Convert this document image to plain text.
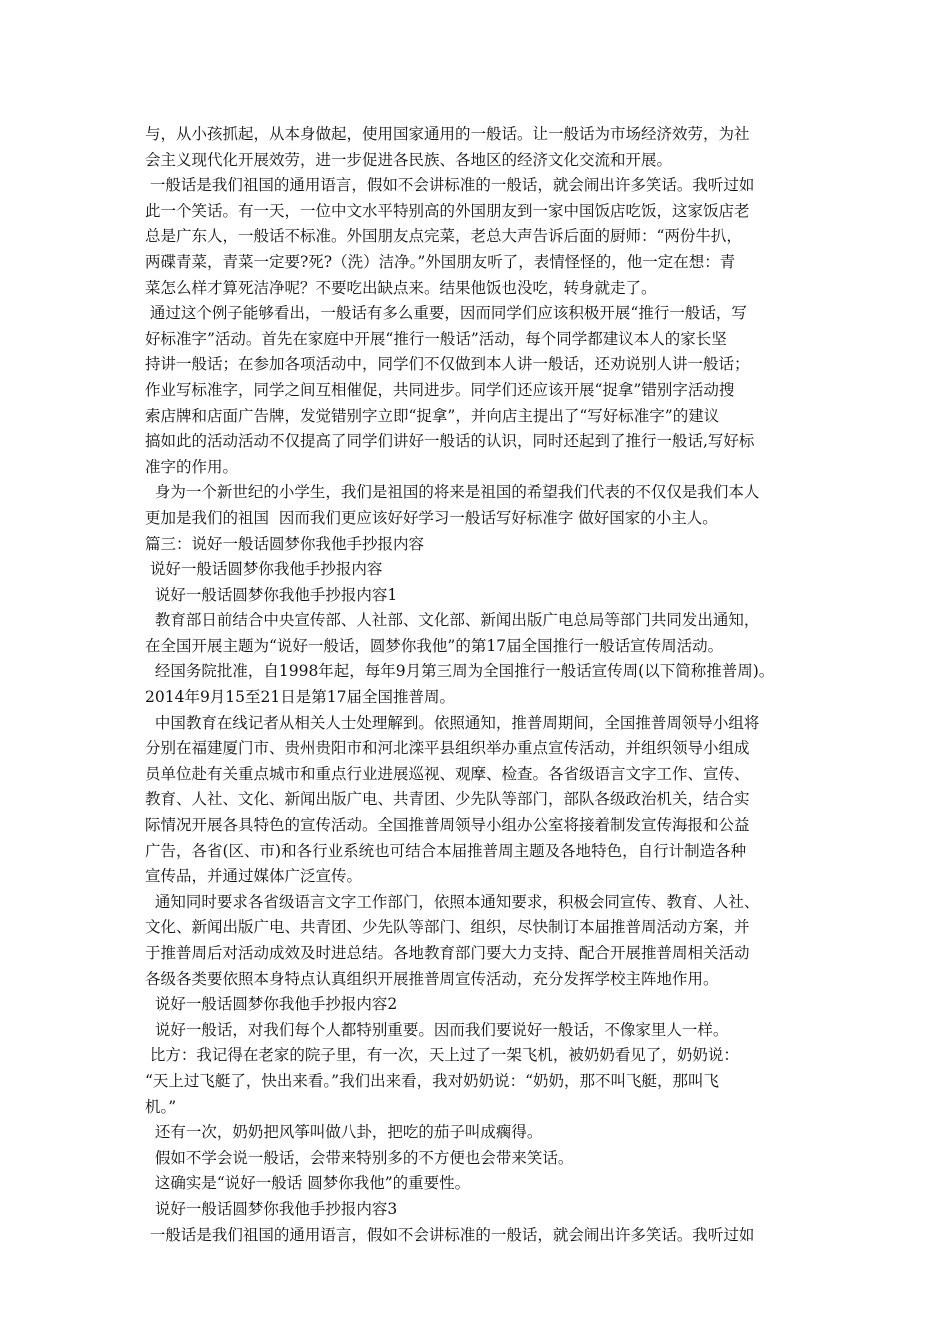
与，从小孩抓起，从本身做起，使用国家通用的一般话。让一般话为市场经济效劳，为社
会主义现代化开展效劳，进一步促进各民族、各地区的经济文化交流和开展。
一般话是我们祖国的通用语言，假如不会讲标准的一般话，就会闹出许多笑话。我听过如
此一个笑话。有一天，一位中文水平特别高的外国朋友到一家中国饭店吃饭，这家饭店老
总是广东人，一般话不标准。外国朋友点完菜，老总大声告诉后面的厨师：“两份牛扒，
两碟青菜，青菜一定要?死?（洗）洁净。”外国朋友听了，表情怪怪的，他一定在想：青
菜怎么样才算死洁净呢？不要吃出缺点来。结果他饭也没吃，转身就走了。
通过这个例子能够看出，一般话有多么重要，因而同学们应该积极开展“推行一般话，写
好标准字”活动。首先在家庭中开展“推行一般话”活动，每个同学都建议本人的家长坚
持讲一般话；在参加各项活动中，同学们不仅做到本人讲一般话，还劝说别人讲一般话；
作业写标准字，同学之间互相催促，共同进步。同学们还应该开展“捉拿”错别字活动搜
索店牌和店面广告牌，发觉错别字立即“捉拿”，并向店主提出了“写好标准字”的建议
搞如此的活动活动不仅提高了同学们讲好一般话的认识，同时还起到了推行一般话,写好标
准字的作用。
身为一个新世纪的小学生，我们是祖国的将来是祖国的希望我们代表的不仅仅是我们本人
更加是我们的祖国  因而我们更应该好好学习一般话写好标准字 做好国家的小主人。
篇三：说好一般话圆梦你我他手抄报内容
说好一般话圆梦你我他手抄报内容
说好一般话圆梦你我他手抄报内容1
教育部日前结合中央宣传部、人社部、文化部、新闻出版广电总局等部门共同发出通知，
在全国开展主题为“说好一般话，圆梦你我他”的第17届全国推行一般话宣传周活动。
经国务院批准，自1998年起，每年9月第三周为全国推行一般话宣传周(以下简称推普周)。
2014年9月15至21日是第17届全国推普周。
中国教育在线记者从相关人士处理解到。依照通知，推普周期间，全国推普周领导小组将
分别在福建厦门市、贵州贵阳市和河北滦平县组织举办重点宣传活动，并组织领导小组成
员单位赴有关重点城市和重点行业进展巡视、观摩、检查。各省级语言文字工作、宣传、
教育、人社、文化、新闻出版广电、共青团、少先队等部门，部队各级政治机关，结合实
际情况开展各具特色的宣传活动。全国推普周领导小组办公室将接着制发宣传海报和公益
广告，各省(区、市)和各行业系统也可结合本届推普周主题及各地特色，自行计制造各种
宣传品，并通过媒体广泛宣传。
通知同时要求各省级语言文字工作部门，依照本通知要求，积极会同宣传、教育、人社、
文化、新闻出版广电、共青团、少先队等部门、组织，尽快制订本届推普周活动方案，并
于推普周后对活动成效及时进总结。各地教育部门要大力支持、配合开展推普周相关活动
各级各类要依照本身特点认真组织开展推普周宣传活动，充分发挥学校主阵地作用。
说好一般话圆梦你我他手抄报内容2
说好一般话，对我们每个人都特别重要。因而我们要说好一般话，不像家里人一样。
比方：我记得在老家的院子里，有一次，天上过了一架飞机，被奶奶看见了，奶奶说：
“天上过飞艇了，快出来看。”我们出来看，我对奶奶说：“奶奶，那不叫飞艇，那叫飞
机。”
还有一次，奶奶把风筝叫做八卦，把吃的茄子叫成瘸得。
假如不学会说一般话，会带来特别多的不方便也会带来笑话。
这确实是“说好一般话 圆梦你我他”的重要性。
说好一般话圆梦你我他手抄报内容3
一般话是我们祖国的通用语言，假如不会讲标准的一般话，就会闹出许多笑话。我听过如
